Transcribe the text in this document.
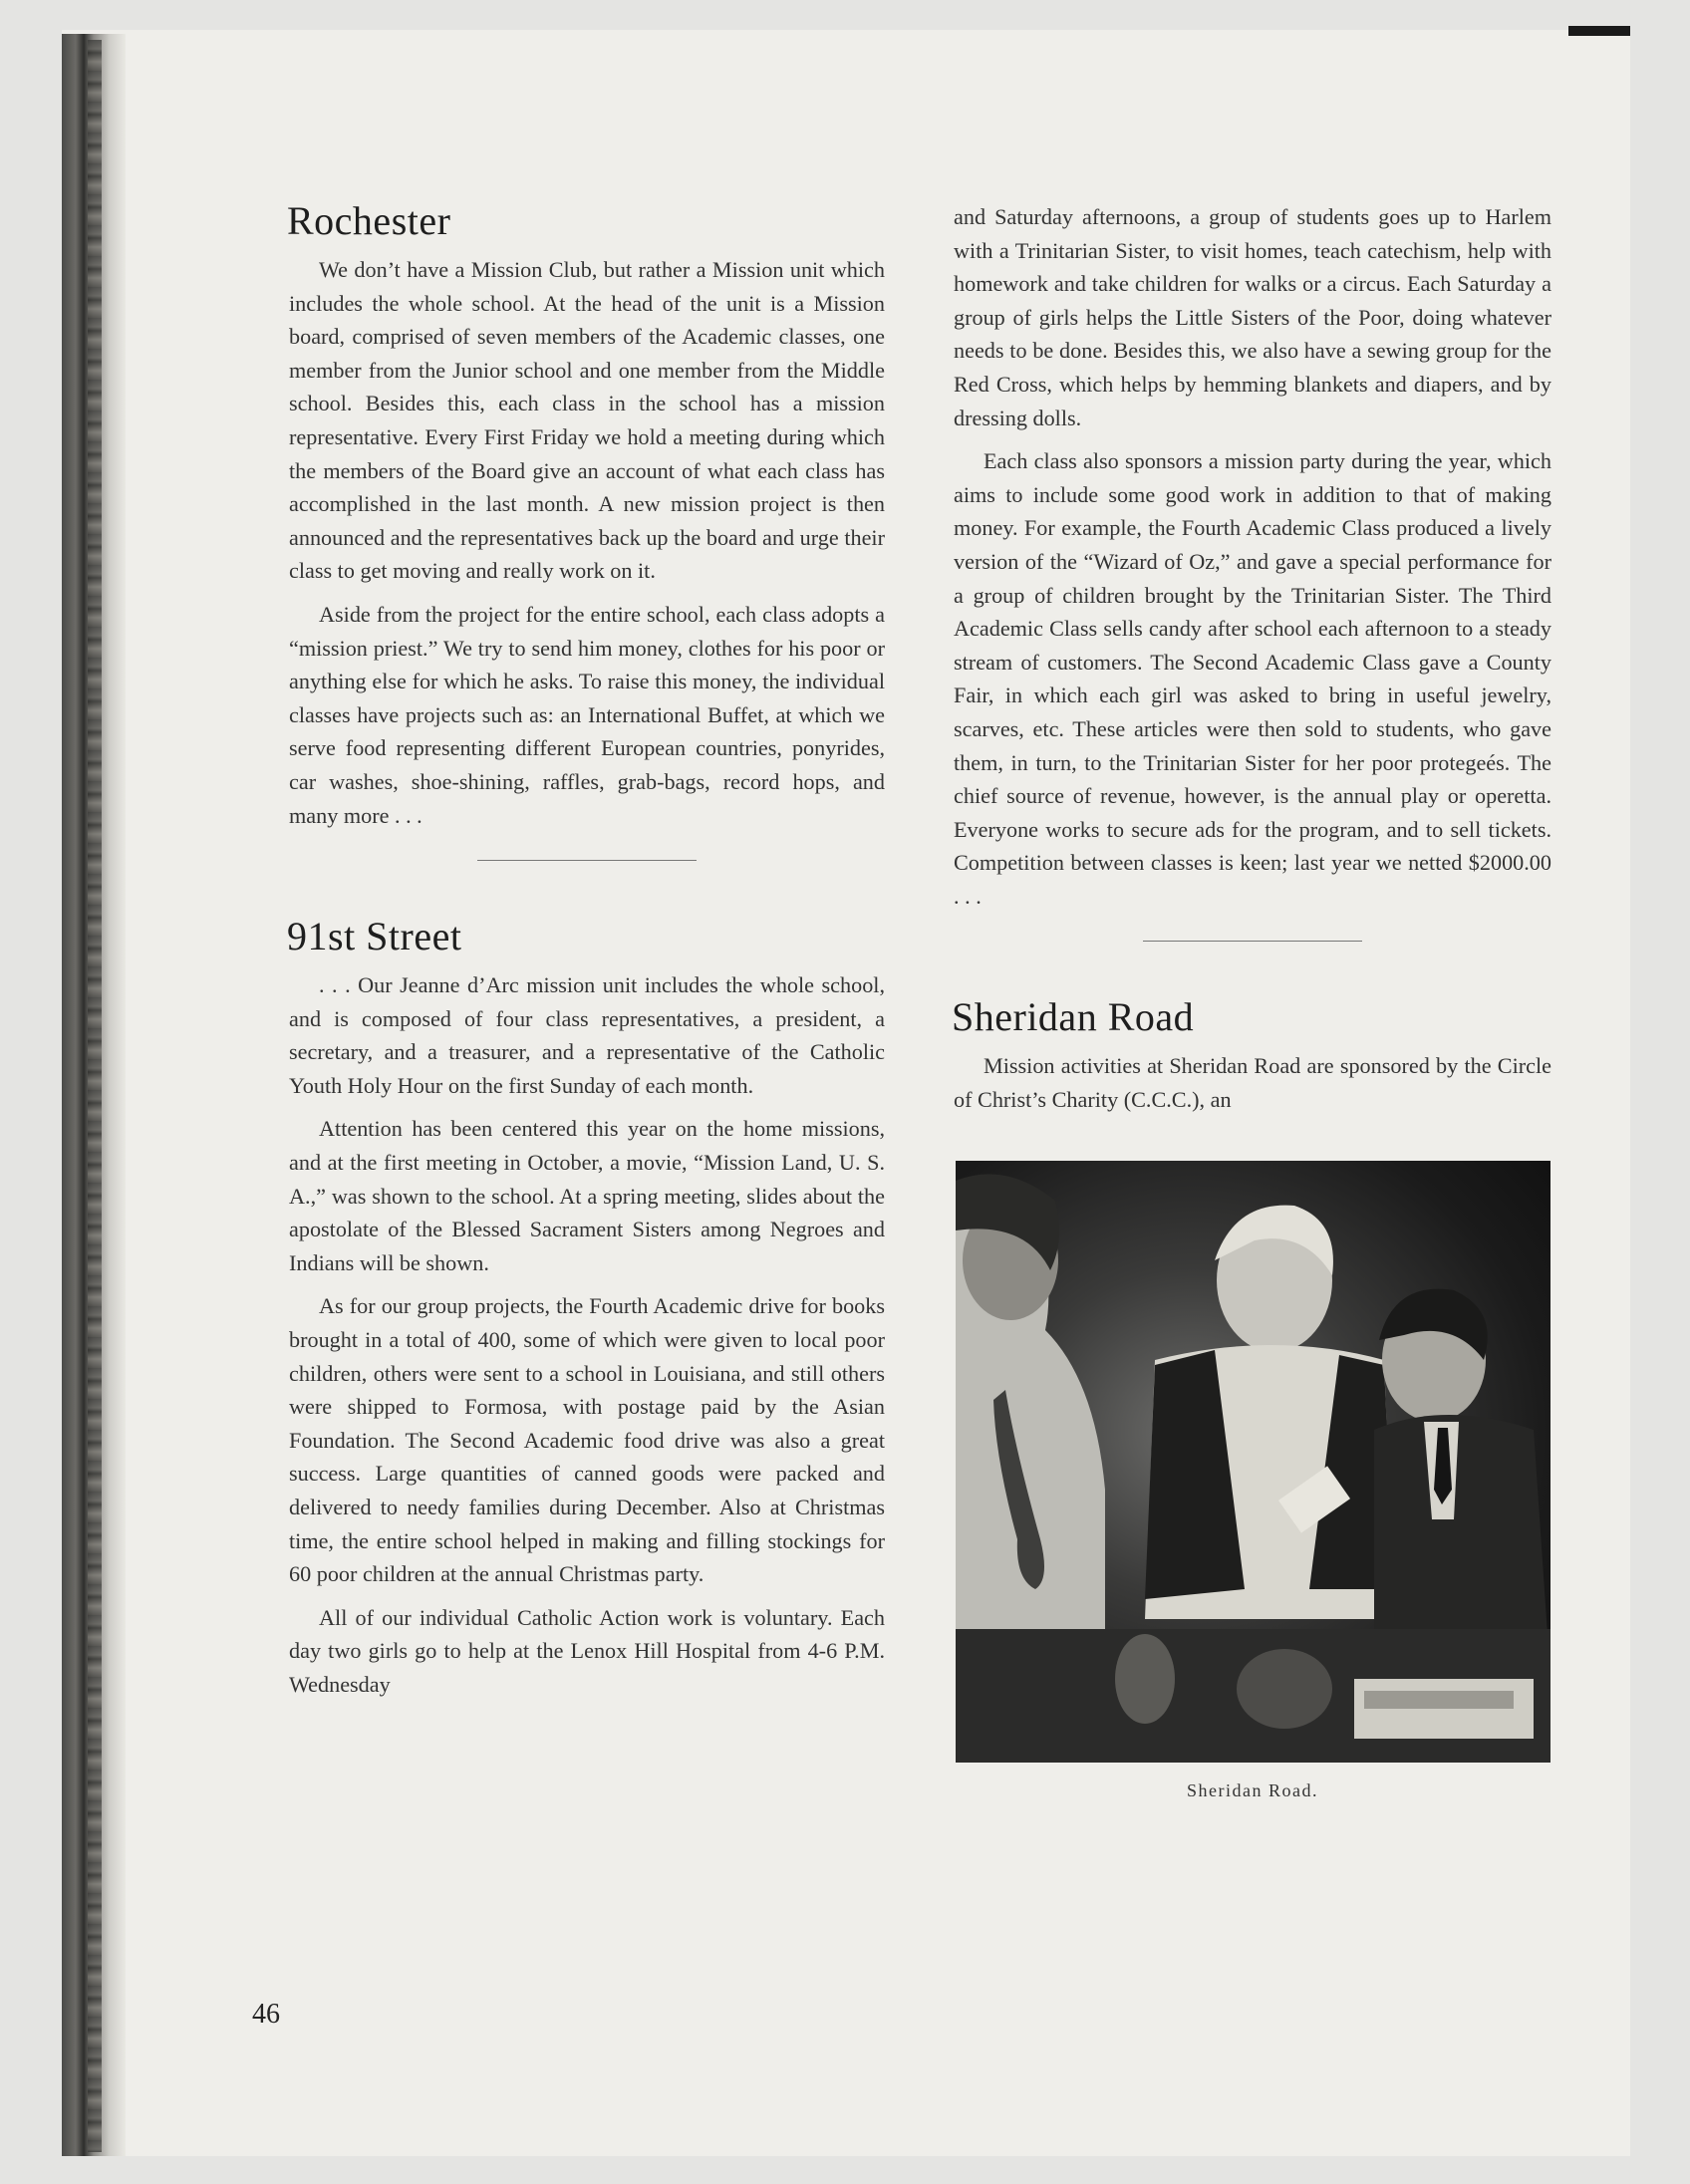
Rochester

We don’t have a Mission Club, but rather a Mission unit which includes the whole school. At the head of the unit is a Mission board, comprised of seven members of the Academic classes, one member from the Junior school and one member from the Middle school. Besides this, each class in the school has a mission representative. Every First Friday we hold a meeting during which the members of the Board give an account of what each class has accomplished in the last month. A new mission project is then announced and the representatives back up the board and urge their class to get moving and really work on it.

Aside from the project for the entire school, each class adopts a “mission priest.” We try to send him money, clothes for his poor or anything else for which he asks. To raise this money, the individual classes have projects such as: an International Buffet, at which we serve food representing different European countries, ponyrides, car washes, shoe-shining, raffles, grab-bags, record hops, and many more . . .

91st Street

. . . Our Jeanne d’Arc mission unit includes the whole school, and is composed of four class representatives, a president, a secretary, and a treasurer, and a representative of the Catholic Youth Holy Hour on the first Sunday of each month.

Attention has been centered this year on the home missions, and at the first meeting in October, a movie, “Mission Land, U. S. A.,” was shown to the school. At a spring meeting, slides about the apostolate of the Blessed Sacrament Sisters among Negroes and Indians will be shown.

As for our group projects, the Fourth Academic drive for books brought in a total of 400, some of which were given to local poor children, others were sent to a school in Louisiana, and still others were shipped to Formosa, with postage paid by the Asian Foundation. The Second Academic food drive was also a great success. Large quantities of canned goods were packed and delivered to needy families during December. Also at Christmas time, the entire school helped in making and filling stockings for 60 poor children at the annual Christmas party.

All of our individual Catholic Action work is voluntary. Each day two girls go to help at the Lenox Hill Hospital from 4-6 P.M. Wednesday

and Saturday afternoons, a group of students goes up to Harlem with a Trinitarian Sister, to visit homes, teach catechism, help with homework and take children for walks or a circus. Each Saturday a group of girls helps the Little Sisters of the Poor, doing whatever needs to be done. Besides this, we also have a sewing group for the Red Cross, which helps by hemming blankets and diapers, and by dressing dolls.

Each class also sponsors a mission party during the year, which aims to include some good work in addition to that of making money. For example, the Fourth Academic Class produced a lively version of the “Wizard of Oz,” and gave a special performance for a group of children brought by the Trinitarian Sister. The Third Academic Class sells candy after school each afternoon to a steady stream of customers. The Second Academic Class gave a County Fair, in which each girl was asked to bring in useful jewelry, scarves, etc. These articles were then sold to students, who gave them, in turn, to the Trinitarian Sister for her poor protegeés. The chief source of revenue, however, is the annual play or operetta. Everyone works to secure ads for the program, and to sell tickets. Competition between classes is keen; last year we netted $2000.00 . . .

Sheridan Road

Mission activities at Sheridan Road are sponsored by the Circle of Christ’s Charity (C.C.C.), an

Sheridan Road.
46
